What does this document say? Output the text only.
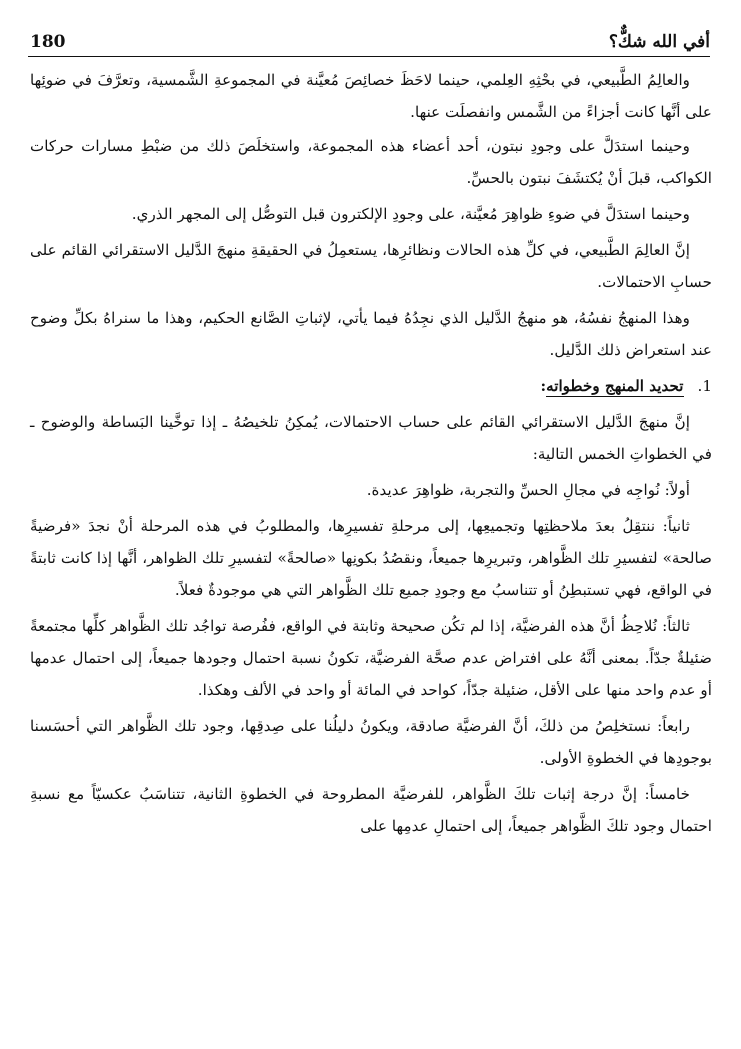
180	أفي الله شكٌّ؟

والعالِمُ الطَّبيعي، في بحْثِهِ العِلمي، حينما لاحَظَ خصائِصَ مُعيَّنة في المجموعةِ الشَّمسية، وتعرَّفَ في ضوئِها على أنَّها كانت أجزاءً من الشَّمس وانفصلَت عنها.

وحينما استدَلَّ على وجودِ نبتون، أحد أعضاء هذه المجموعة، واستخلَصَ ذلك من ضبْطِ مسارات حركات الكواكب، قبلَ أنْ يُكتشَفَ نبتون بالحسِّ.

وحينما استدَلَّ في ضوءِ ظواهِرَ مُعيَّنة، على وجودِ الإلكترون قبل التوصُّل إلى المجهر الذري.

إنَّ العالِمَ الطَّبيعي، في كلِّ هذه الحالات ونظائرِها، يستعمِلُ في الحقيقةِ منهجَ الدَّليل الاستقرائي القائم على حسابِ الاحتمالات.

وهذا المنهجُ نفسُهُ، هو منهجُ الدَّليل الذي نجِدُهُ فيما يأتي، لإثباتِ الصَّانع الحكيم، وهذا ما سنراهُ بكلِّ وضوح عند استعراض ذلك الدَّليل.

1.تحديد المنهج وخطواته:

إنَّ منهجَ الدَّليل الاستقرائي القائم على حساب الاحتمالات، يُمكِنُ تلخيصُهُ ـ إذا توخَّينا البَساطة والوضوح ـ في الخطواتِ الخمس التالية:

أولاً: نُواجِه في مجالِ الحسِّ والتجربة، ظواهِرَ عديدة.

ثانياً: ننتقِلُ بعدَ ملاحظتِها وتجميعِها، إلى مرحلةِ تفسيرِها، والمطلوبُ في هذه المرحلة أنْ نجدَ «فرضيةً صالحة» لتفسيرِ تلك الظَّواهر، وتبريرِها جميعاً، ونقصُدُ بكونِها «صالحةً» لتفسيرِ تلك الظواهر، أنَّها إذا كانت ثابتةً في الواقع، فهي تستبطِنُ أو تتناسبُ مع وجودِ جميع تلك الظَّواهر التي هي موجودةٌ فعلاً.

ثالثاً: نُلاحِظُ أنَّ هذه الفرضيَّة، إذا لم تكُن صحيحة وثابتة في الواقع، ففُرصة تواجُد تلك الظَّواهر كلِّها مجتمعةً ضئيلةٌ جدّاً. بمعنى أنَّهُ على افتراض عدم صحَّة الفرضيَّة، تكونُ نسبة احتمال وجودها جميعاً، إلى احتمال عدمها أو عدم واحد منها على الأقل، ضئيلة جدّاً، كواحد في المائة أو واحد في الألف وهكذا.

رابعاً: نستخلِصُ من ذلكَ، أنَّ الفرضيَّة صادقة، ويكونُ دليلُنا على صِدقِها، وجود تلك الظَّواهر التي أحسَسنا بوجودِها في الخطوةِ الأولى.

خامساً: إنَّ درجة إثبات تلكَ الظَّواهر، للفرضيَّة المطروحة في الخطوةِ الثانية، تتناسَبُ عكسيّاً مع نسبةِ احتمال وجود تلكَ الظَّواهر جميعاً، إلى احتمالِ عدمِها على
